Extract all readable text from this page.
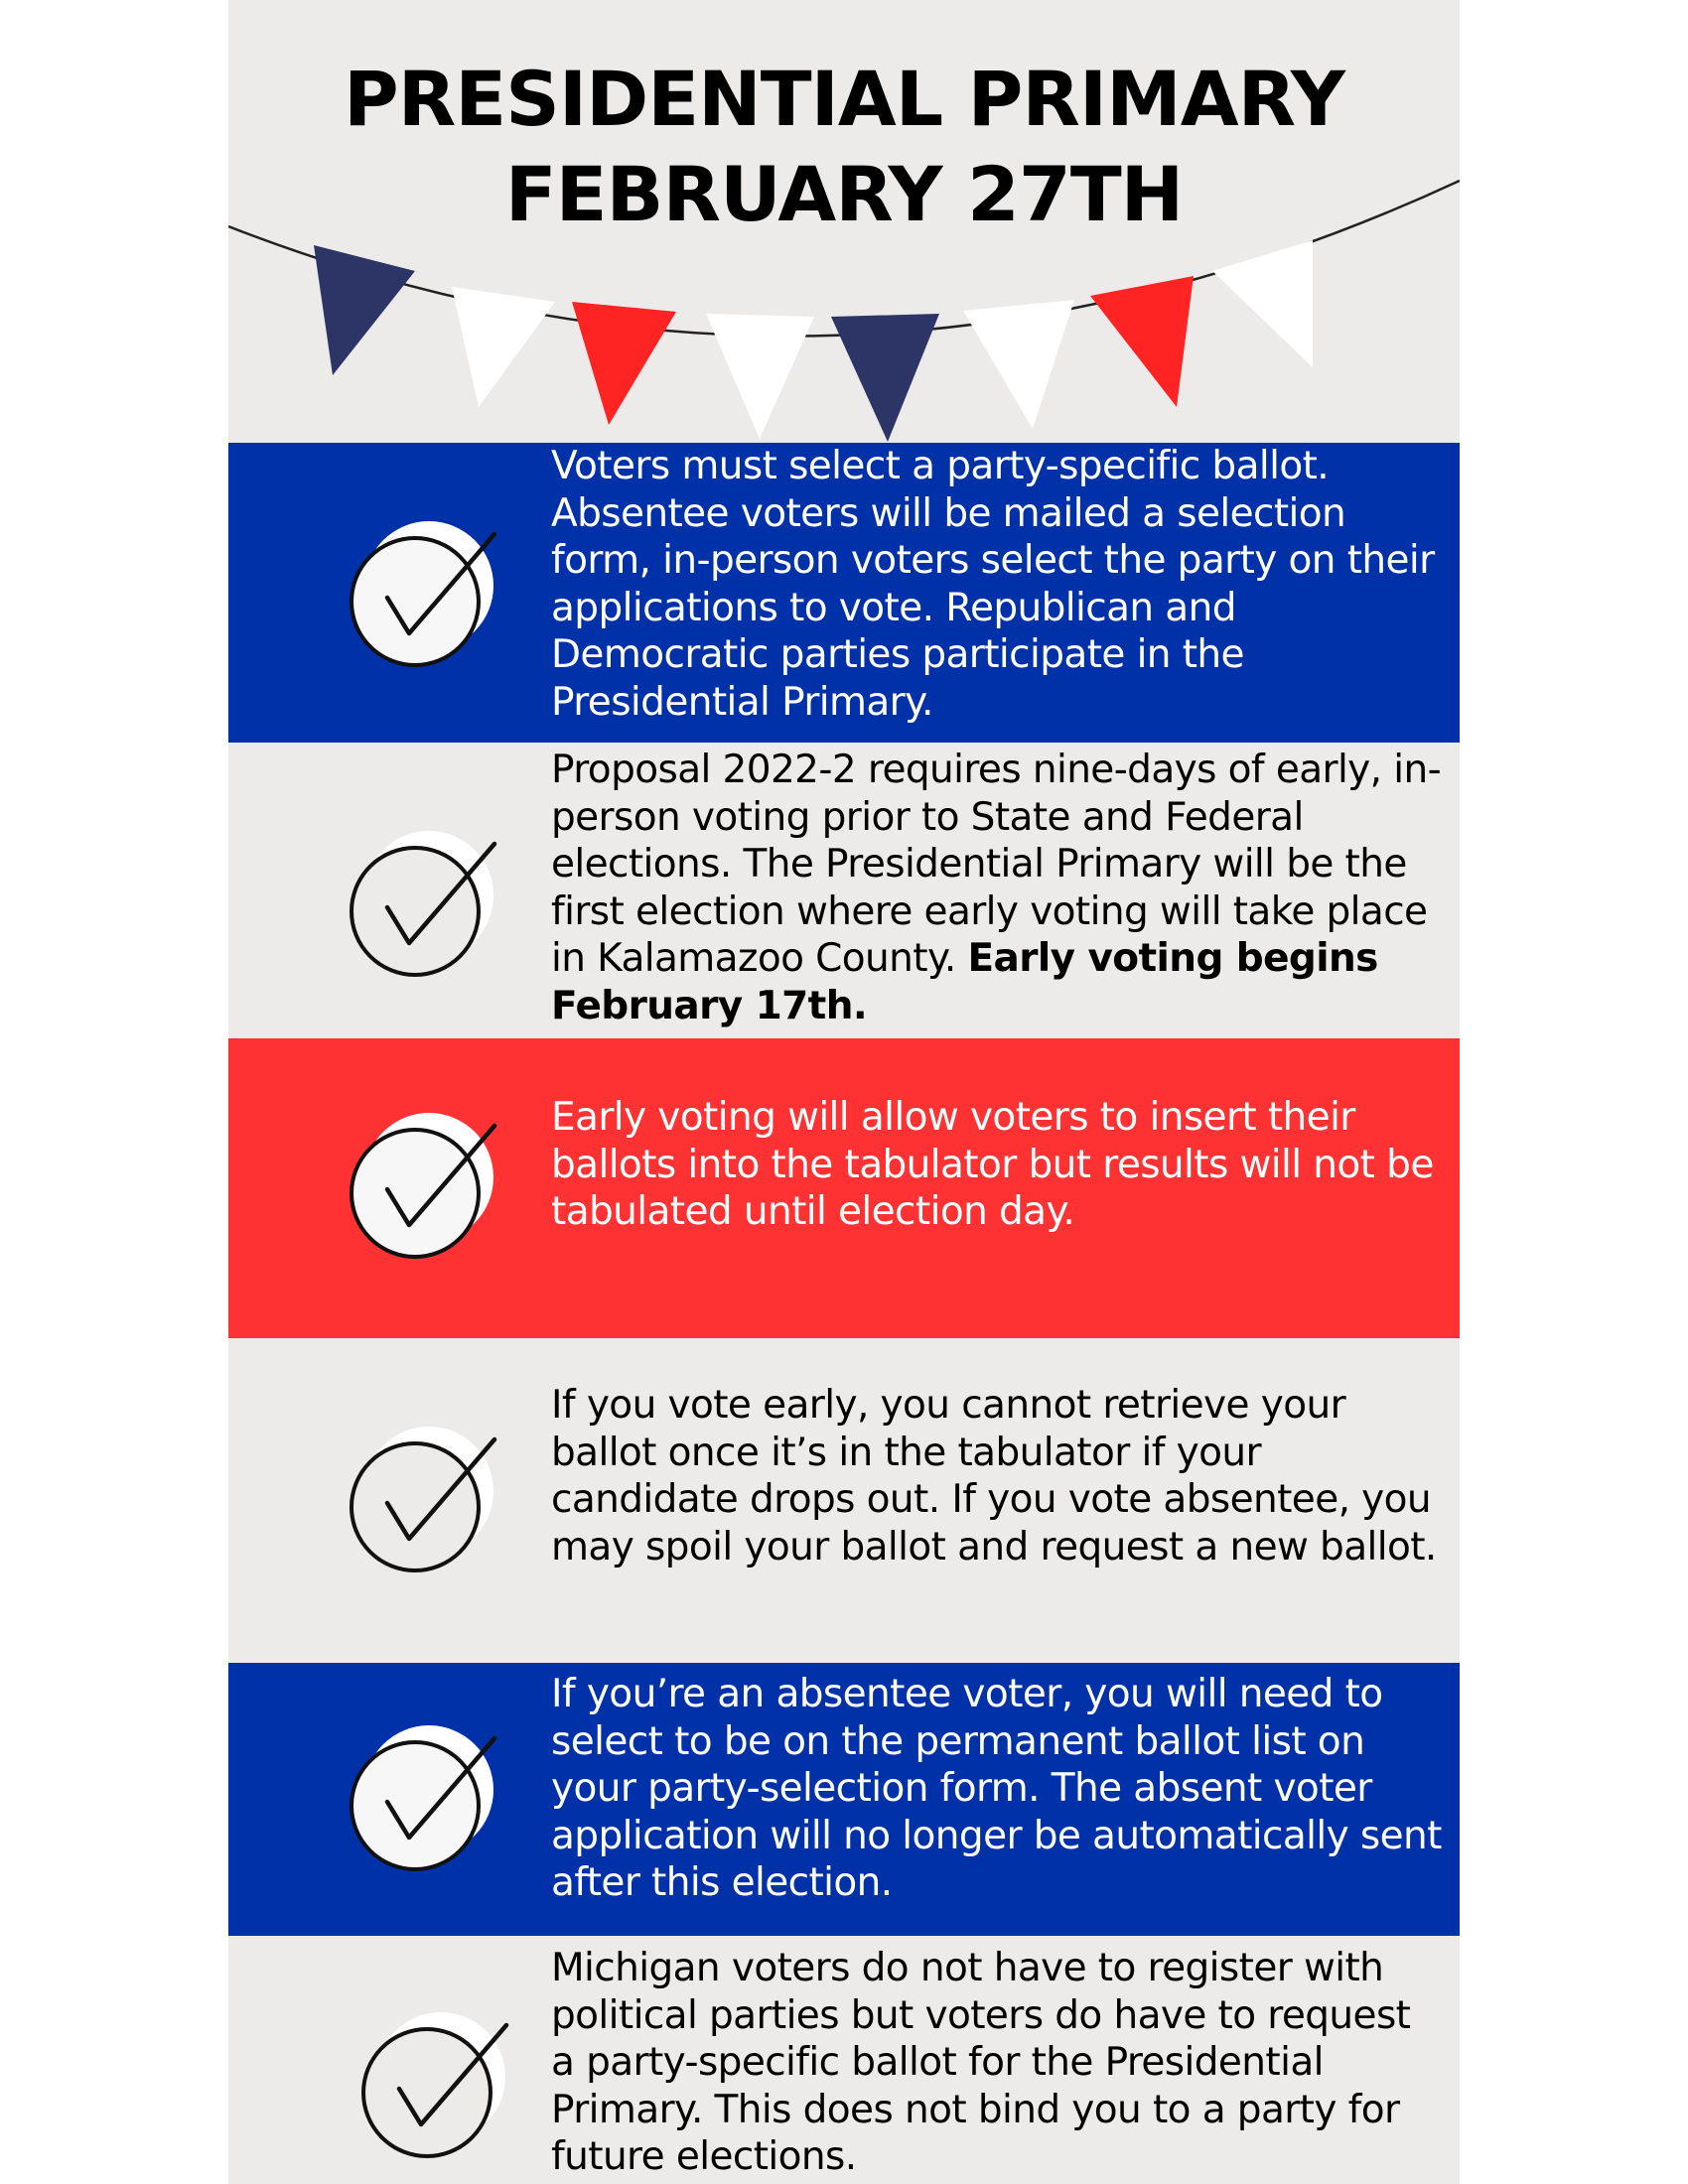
PRESIDENTIAL PRIMARY
FEBRUARY 27TH

Voters must select a party-specific ballot. Absentee voters will be mailed a selection form, in-person voters select the party on their applications to vote. Republican and Democratic parties participate in the Presidential Primary.

Proposal 2022-2 requires nine-days of early, in-person voting prior to State and Federal elections. The Presidential Primary will be the first election where early voting will take place in Kalamazoo County. Early voting begins February 17th.

Early voting will allow voters to insert their ballots into the tabulator but results will not be tabulated until election day.

If you vote early, you cannot retrieve your ballot once it’s in the tabulator if your candidate drops out. If you vote absentee, you may spoil your ballot and request a new ballot.

If you’re an absentee voter, you will need to select to be on the permanent ballot list on your party-selection form. The absent voter application will no longer be automatically sent after this election.

Michigan voters do not have to register with political parties but voters do have to request a party-specific ballot for the Presidential Primary. This does not bind you to a party for future elections.
